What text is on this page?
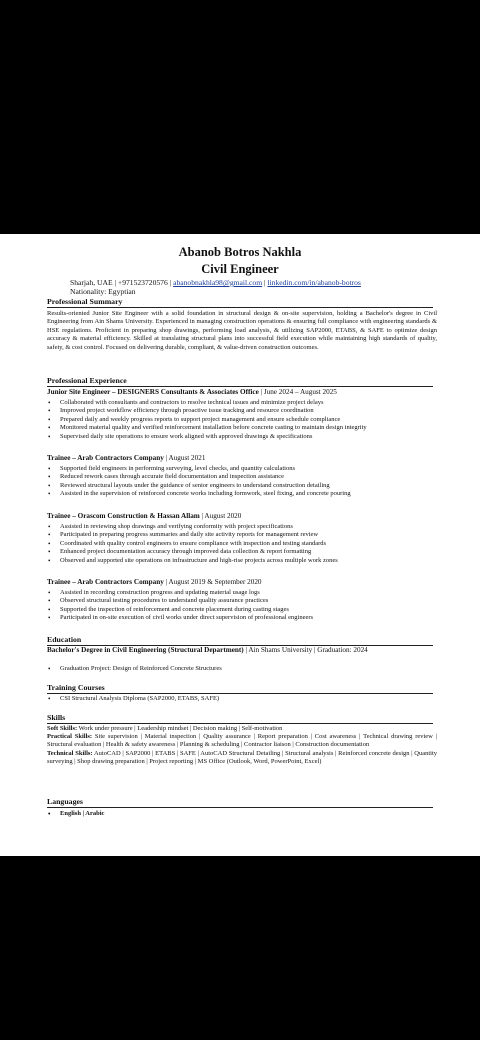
Abanob Botros Nakhla
Civil Engineer
Sharjah, UAE | +971523720576 | abanobnakhla98@gmail.com | linkedin.com/in/abanob-botros
Nationality: Egyptian
Professional Summary
Results-oriented Junior Site Engineer with a solid foundation in structural design & on-site supervision, holding a Bachelor's degree in Civil Engineering from Ain Shams University. Experienced in managing construction operations & ensuring full compliance with engineering standards & HSE regulations. Proficient in preparing shop drawings, performing load analysis, & utilizing SAP2000, ETABS, & SAFE to optimize design accuracy & material efficiency. Skilled at translating structural plans into successful field execution while maintaining high standards of quality, safety, & cost control. Focused on delivering durable, compliant, & value-driven construction outcomes.
Professional Experience
Junior Site Engineer – DESIGNERS Consultants & Associates Office | June 2024 – August 2025
• Collaborated with consultants and contractors to resolve technical issues and minimize project delays
• Improved project workflow efficiency through proactive issue tracking and resource coordination
• Prepared daily and weekly progress reports to support project management and ensure schedule compliance
• Monitored material quality and verified reinforcement installation before concrete casting to maintain design integrity
• Supervised daily site operations to ensure work aligned with approved drawings & specifications
Trainee – Arab Contractors Company | August 2021
• Supported field engineers in performing surveying, level checks, and quantity calculations
• Reduced rework cases through accurate field documentation and inspection assistance
• Reviewed structural layouts under the guidance of senior engineers to understand construction detailing
• Assisted in the supervision of reinforced concrete works including formwork, steel fixing, and concrete pouring
Trainee – Orascom Construction & Hassan Allam | August 2020
• Assisted in reviewing shop drawings and verifying conformity with project specifications
• Participated in preparing progress summaries and daily site activity reports for management review
• Coordinated with quality control engineers to ensure compliance with inspection and testing standards
• Enhanced project documentation accuracy through improved data collection & report formatting
• Observed and supported site operations on infrastructure and high-rise projects across multiple work zones
Trainee – Arab Contractors Company | August 2019 & September 2020
• Assisted in recording construction progress and updating material usage logs
• Observed structural testing procedures to understand quality assurance practices
• Supported the inspection of reinforcement and concrete placement during casting stages
• Participated in on-site execution of civil works under direct supervision of professional engineers
Education
Bachelor's Degree in Civil Engineering (Structural Department) | Ain Shams University | Graduation: 2024
• Graduation Project: Design of Reinforced Concrete Structures
Training Courses
• CSI Structural Analysis Diploma (SAP2000, ETABS, SAFE)
Skills
Soft Skills: Work under pressure | Leadership mindset | Decision making | Self-motivation
Practical Skills: Site supervision | Material inspection | Quality assurance | Report preparation | Cost awareness | Technical drawing review | Structural evaluation | Health & safety awareness | Planning & scheduling | Contractor liaison | Construction documentation
Technical Skills: AutoCAD | SAP2000 | ETABS | SAFE | AutoCAD Structural Detailing | Structural analysis | Reinforced concrete design | Quantity surveying | Shop drawing preparation | Project reporting | MS Office (Outlook, Word, PowerPoint, Excel)
Languages
• English | Arabic
